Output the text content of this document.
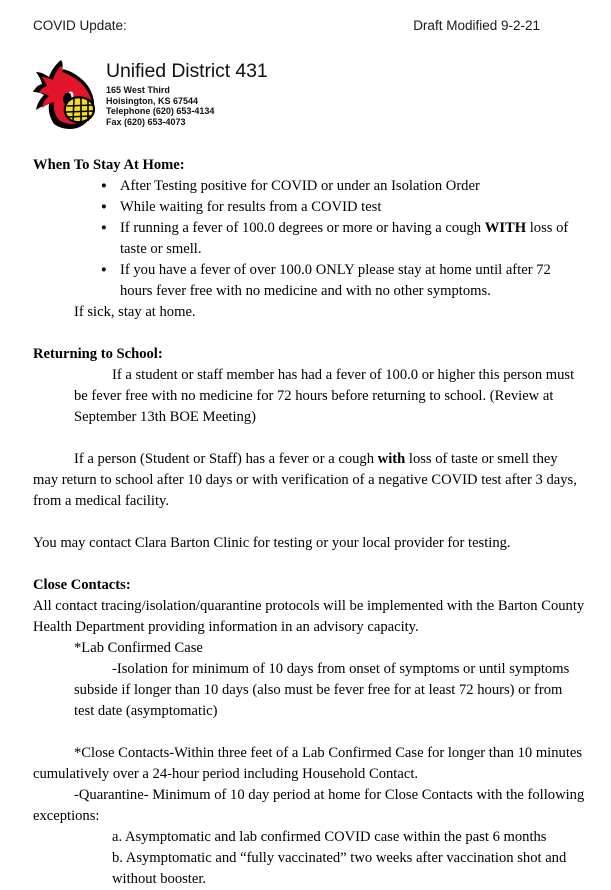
COVID Update:	Draft Modified 9-2-21
Unified District 431
165 West Third
Hoisington, KS 67544
Telephone (620) 653-4134
Fax (620) 653-4073
When To Stay At Home:
● After Testing positive for COVID or under an Isolation Order
● While waiting for results from a COVID test
● If running a fever of 100.0 degrees or more or having a cough WITH loss of taste or smell.
● If you have a fever of over 100.0 ONLY please stay at home until after 72 hours fever free with no medicine and with no other symptoms.

If sick, stay at home.

Returning to School:

If a student or staff member has had a fever of 100.0 or higher this person must be fever free with no medicine for 72 hours before returning to school. (Review at September 13th BOE Meeting)

If a person (Student or Staff) has a fever or a cough with loss of taste or smell they may return to school after 10 days or with verification of a negative COVID test after 3 days, from a medical facility.

You may contact Clara Barton Clinic for testing or your local provider for testing.

Close Contacts:

All contact tracing/isolation/quarantine protocols will be implemented with the Barton County Health Department providing information in an advisory capacity.

*Lab Confirmed Case

-Isolation for minimum of 10 days from onset of symptoms or until symptoms subside if longer than 10 days (also must be fever free for at least 72 hours) or from test date (asymptomatic)

*Close Contacts-Within three feet of a Lab Confirmed Case for longer than 10 minutes cumulatively over a 24-hour period including Household Contact.

-Quarantine- Minimum of 10 day period at home for Close Contacts with the following exceptions:

a. Asymptomatic and lab confirmed COVID case within the past 6 months

b. Asymptomatic and “fully vaccinated” two weeks after vaccination shot and without booster.
